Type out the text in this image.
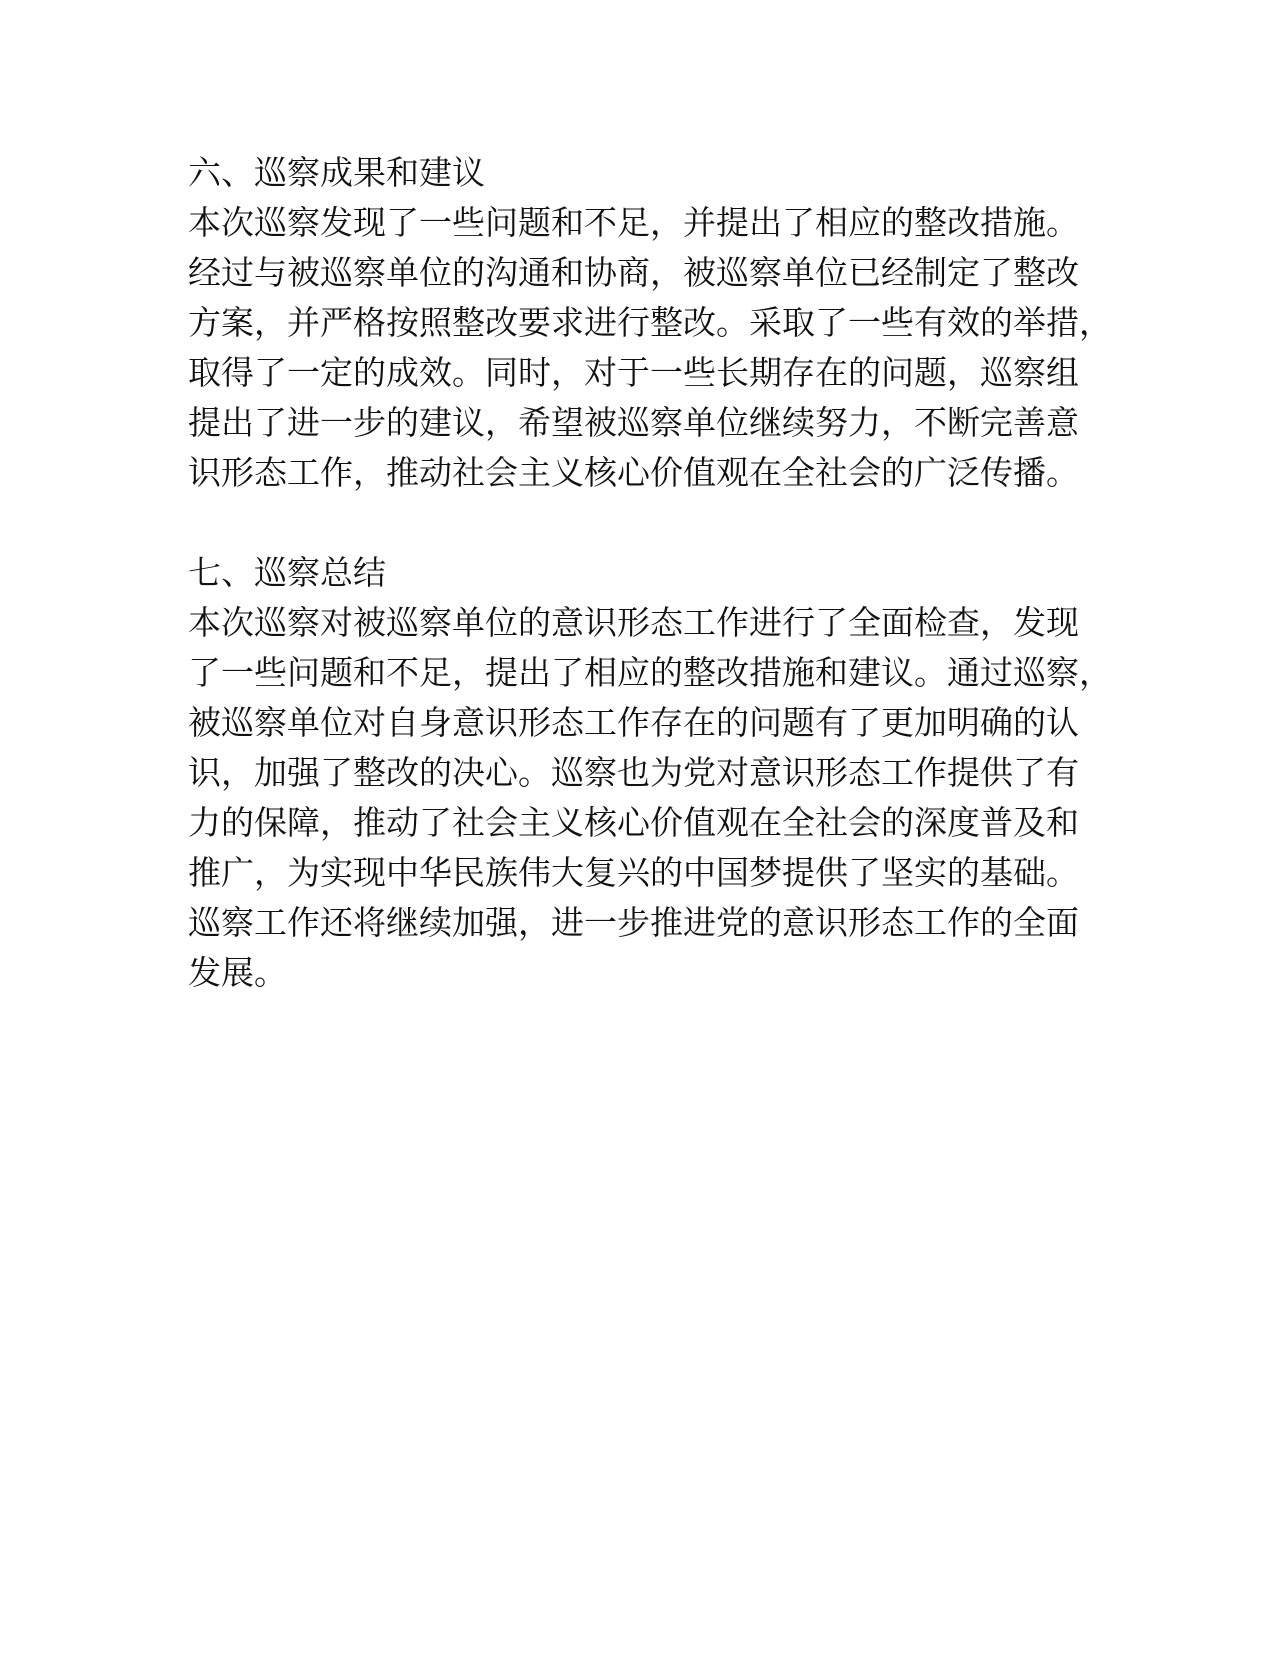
六、巡察成果和建议
本次巡察发现了一些问题和不足，并提出了相应的整改措施。
经过与被巡察单位的沟通和协商，被巡察单位已经制定了整改
方案，并严格按照整改要求进行整改。采取了一些有效的举措，
取得了一定的成效。同时，对于一些长期存在的问题，巡察组
提出了进一步的建议，希望被巡察单位继续努力，不断完善意
识形态工作，推动社会主义核心价值观在全社会的广泛传播。
七、巡察总结
本次巡察对被巡察单位的意识形态工作进行了全面检查，发现
了一些问题和不足，提出了相应的整改措施和建议。通过巡察，
被巡察单位对自身意识形态工作存在的问题有了更加明确的认
识，加强了整改的决心。巡察也为党对意识形态工作提供了有
力的保障，推动了社会主义核心价值观在全社会的深度普及和
推广，为实现中华民族伟大复兴的中国梦提供了坚实的基础。
巡察工作还将继续加强，进一步推进党的意识形态工作的全面
发展。
